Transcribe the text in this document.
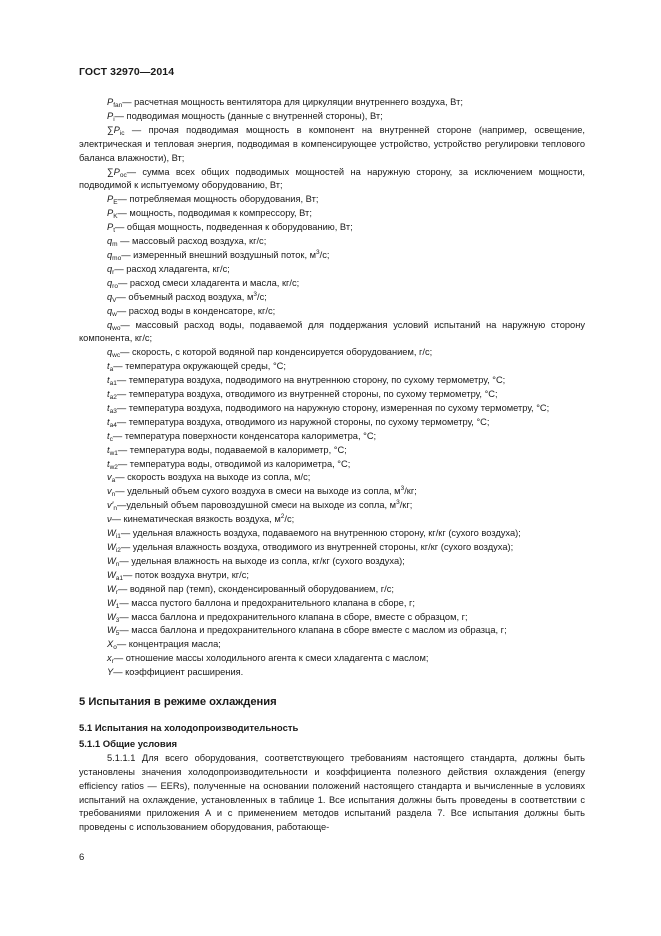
ГОСТ 32970—2014
$P_{fan}—$ расчетная мощность вентилятора для циркуляции внутреннего воздуха, Вт;
$P_i—$ подводимая мощность (данные с внутренней стороны), Вт;
$\sum P_{ic}$ — прочая подводимая мощность в компонент на внутренней стороне (например, освещение, электрическая и тепловая энергия, подводимая в компенсирующее устройство, устройство регулировки теплового баланса влажности), Вт;
$\sum P_{oc}—$ сумма всех общих подводимых мощностей на наружную сторону, за исключением мощности, подводимой к испытуемому оборудованию, Вт;
$P_E—$ потребляемая мощность оборудования, Вт;
$P_K—$ мощность, подводимая к компрессору, Вт;
$P_t—$ общая мощность, подведенная к оборудованию, Вт;
$q_m$ — массовый расход воздуха, кг/с;
$q_{mo}—$ измеренный внешний воздушный поток, $м^3/с$;
$q_r—$ расход хладагента, кг/с;
$q_{ro}—$ расход смеси хладагента и масла, кг/с;
$q_V—$ объемный расход воздуха, $м^3/с$;
$q_w—$ расход воды в конденсаторе, кг/с;
$q_{wo}—$ массовый расход воды, подаваемой для поддержания условий испытаний на наружную сторону компонента, кг/с;
$q_{wc}—$ скорость, с которой водяной пар конденсируется оборудованием, г/с;
$t_a—$ температура окружающей среды, °С;
$t_{a1}—$ температура воздуха, подводимого на внутреннюю сторону, по сухому термометру, °С;
$t_{a2}—$ температура воздуха, отводимого из внутренней стороны, по сухому термометру, °С;
$t_{a3}—$ температура воздуха, подводимого на наружную сторону, измеренная по сухому термометру, °С;
$t_{a4}—$ температура воздуха, отводимого из наружной стороны, по сухому термометру, °С;
$t_c—$ температура поверхности конденсатора калориметра, °С;
$t_{w1}—$ температура воды, подаваемой в калориметр, °С;
$t_{w2}—$ температура воды, отводимой из калориметра, °С;
$v_a—$ скорость воздуха на выходе из сопла, м/с;
$v_n—$ удельный объем сухого воздуха в смеси на выходе из сопла, $м^3/кг$;
$v'_n—удельный$ объем паровоздушной смеси на выходе из сопла, $м^3/кг$;
ν— кинематическая вязкость воздуха, $м^2/с$;
$W_{i1}—$ удельная влажность воздуха, подаваемого на внутреннюю сторону, кг/кг (сухого воздуха);
$W_{i2}—$ удельная влажность воздуха, отводимого из внутренней стороны, кг/кг (сухого воздуха);
$W_n—$ удельная влажность на выходе из сопла, кг/кг (сухого воздуха);
$W_{a1}—$ поток воздуха внутри, кг/с;
$W_r—$ водяной пар (темп), сконденсированный оборудованием, г/с;
$W_1—$ масса пустого баллона и предохранительного клапана в сборе, г;
$W_3—$ масса баллона и предохранительного клапана в сборе, вместе с образцом, г;
$W_5—$ масса баллона и предохранительного клапана в сборе вместе с маслом из образца, г;
$X_o—$ концентрация масла;
$x_r—$ отношение массы холодильного агента к смеси хладагента с маслом;
Y— коэффициент расширения.
5 Испытания в режиме охлаждения
5.1 Испытания на холодопроизводительность
5.1.1 Общие условия
5.1.1.1 Для всего оборудования, соответствующего требованиям настоящего стандарта, должны быть установлены значения холодопроизводительности и коэффициента полезного действия охлаждения (energy efficiency ratios — EERs), полученные на основании положений настоящего стандарта и вычисленные в условиях испытаний на охлаждение, установленных в таблице 1. Все испытания должны быть проведены в соответствии с требованиями приложения А и с применением методов испытаний раздела 7. Все испытания должны быть проведены с использованием оборудования, работающе-
6
